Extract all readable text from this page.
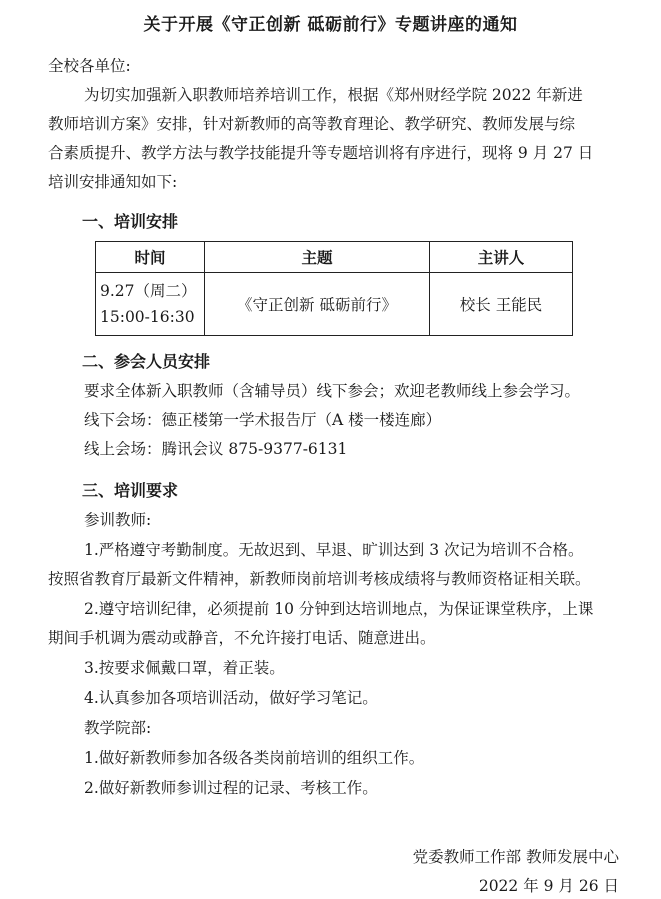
关于开展《守正创新 砥砺前行》专题讲座的通知
全校各单位:
为切实加强新入职教师培养培训工作，根据《郑州财经学院 2022 年新进
教师培训方案》安排，针对新教师的高等教育理论、教学研究、教师发展与综
合素质提升、教学方法与教学技能提升等专题培训将有序进行，现将 9 月 27 日
培训安排通知如下:
一、培训安排
时间	主题	主讲人

9.27（周二）
15:00-16:30	《守正创新 砥砺前行》	校长 王能民
二、参会人员安排
要求全体新入职教师（含辅导员）线下参会；欢迎老教师线上参会学习。
线下会场：德正楼第一学术报告厅（A 楼一楼连廊）
线上会场：腾讯会议 875-9377-6131
三、培训要求
参训教师:
1.严格遵守考勤制度。无故迟到、早退、旷训达到 3 次记为培训不合格。
按照省教育厅最新文件精神，新教师岗前培训考核成绩将与教师资格证相关联。
2.遵守培训纪律，必须提前 10 分钟到达培训地点，为保证课堂秩序，上课
期间手机调为震动或静音，不允许接打电话、随意进出。
3.按要求佩戴口罩，着正装。
4.认真参加各项培训活动，做好学习笔记。
教学院部:
1.做好新教师参加各级各类岗前培训的组织工作。
2.做好新教师参训过程的记录、考核工作。
党委教师工作部 教师发展中心
2022 年 9 月 26 日
